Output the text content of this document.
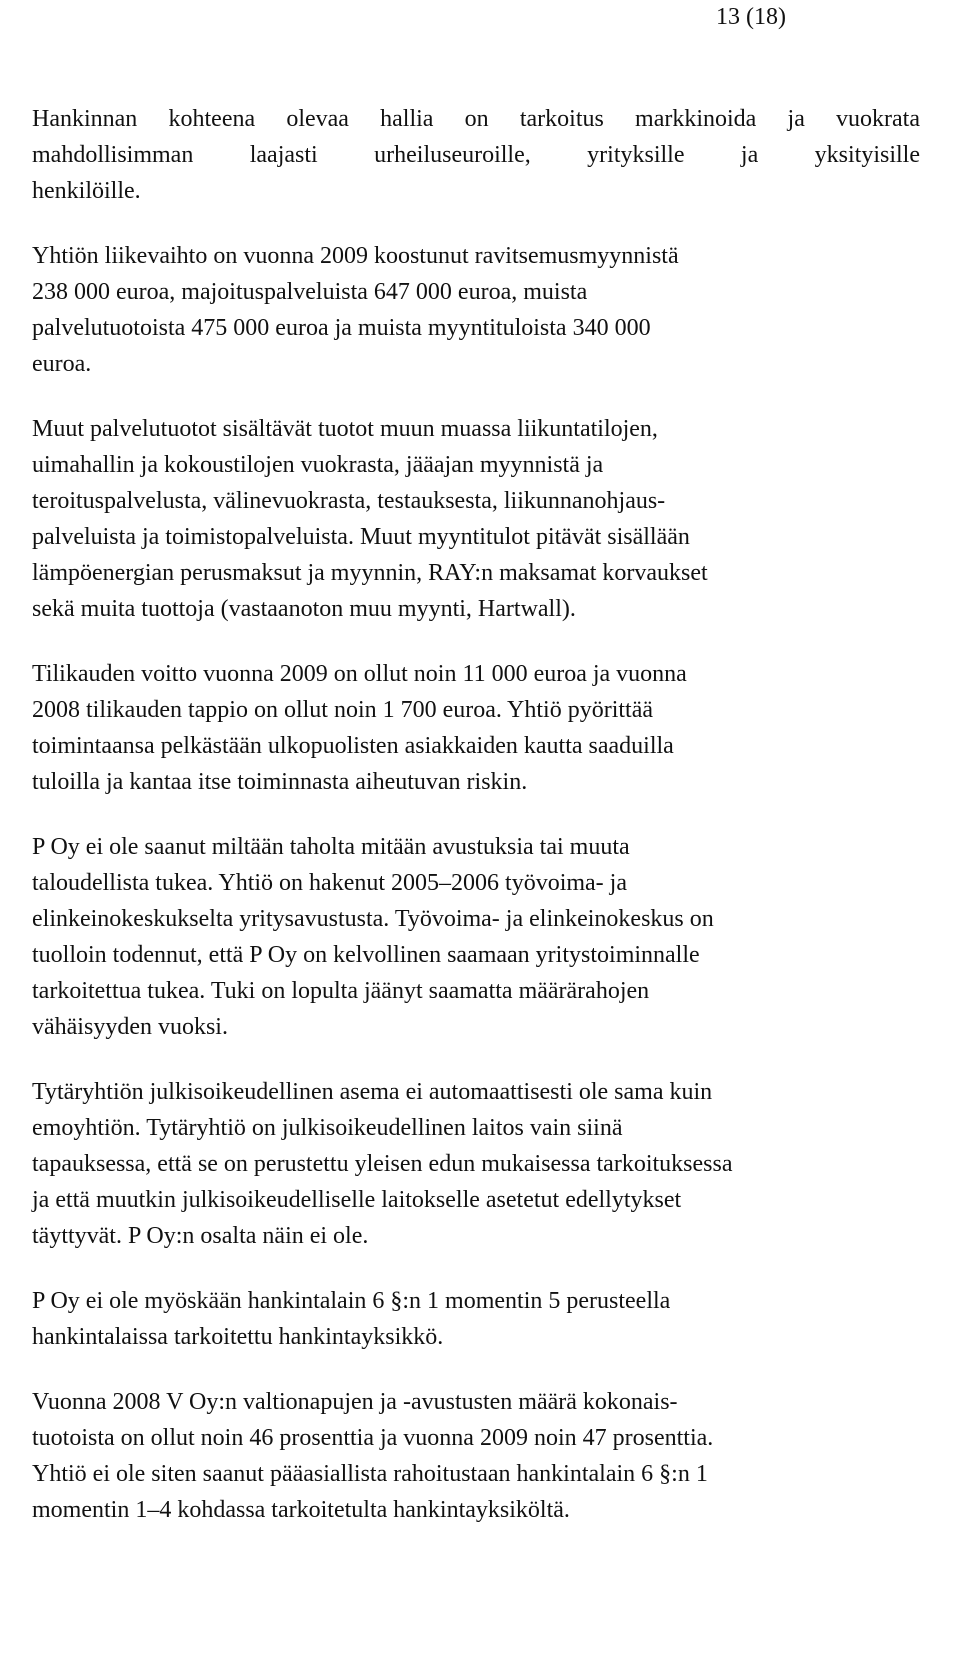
13 (18)
Hankinnan kohteena olevaa hallia on tarkoitus markkinoida ja vuokrata
mahdollisimman laajasti urheiluseuroille, yrityksille ja yksityisille
henkilöille.
Yhtiön liikevaihto on vuonna 2009 koostunut ravitsemusmyynnistä
238 000 euroa, majoituspalveluista 647 000 euroa, muista
palvelutuotoista 475 000 euroa ja muista myyntituloista 340 000
euroa.
Muut palvelutuotot sisältävät tuotot muun muassa liikuntatilojen,
uimahallin ja kokoustilojen vuokrasta, jääajan myynnistä ja
teroituspalvelusta, välinevuokrasta, testauksesta, liikunnanohjaus-
palveluista ja toimistopalveluista. Muut myyntitulot pitävät sisällään
lämpöenergian perusmaksut ja myynnin, RAY:n maksamat korvaukset
sekä muita tuottoja (vastaanoton muu myynti, Hartwall).
Tilikauden voitto vuonna 2009 on ollut noin 11 000 euroa ja vuonna
2008 tilikauden tappio on ollut noin 1 700 euroa. Yhtiö pyörittää
toimintaansa pelkästään ulkopuolisten asiakkaiden kautta saaduilla
tuloilla ja kantaa itse toiminnasta aiheutuvan riskin.
P Oy ei ole saanut miltään taholta mitään avustuksia tai muuta
taloudellista tukea. Yhtiö on hakenut 2005–2006 työvoima- ja
elinkeinokeskukselta yritysavustusta. Työvoima- ja elinkeinokeskus on
tuolloin todennut, että P Oy on kelvollinen saamaan yritystoiminnalle
tarkoitettua tukea. Tuki on lopulta jäänyt saamatta määrärahojen
vähäisyyden vuoksi.
Tytäryhtiön julkisoikeudellinen asema ei automaattisesti ole sama kuin
emoyhtiön. Tytäryhtiö on julkisoikeudellinen laitos vain siinä
tapauksessa, että se on perustettu yleisen edun mukaisessa tarkoituksessa
ja että muutkin julkisoikeudelliselle laitokselle asetetut edellytykset
täyttyvät. P Oy:n osalta näin ei ole.
P Oy ei ole myöskään hankintalain 6 §:n 1 momentin 5 perusteella
hankintalaissa tarkoitettu hankintayksikkö.
Vuonna 2008 V Oy:n valtionapujen ja -avustusten määrä kokonais-
tuotoista on ollut noin 46 prosenttia ja vuonna 2009 noin 47 prosenttia.
Yhtiö ei ole siten saanut pääasiallista rahoitustaan hankintalain 6 §:n 1
momentin 1–4 kohdassa tarkoitetulta hankintayksiköltä.
